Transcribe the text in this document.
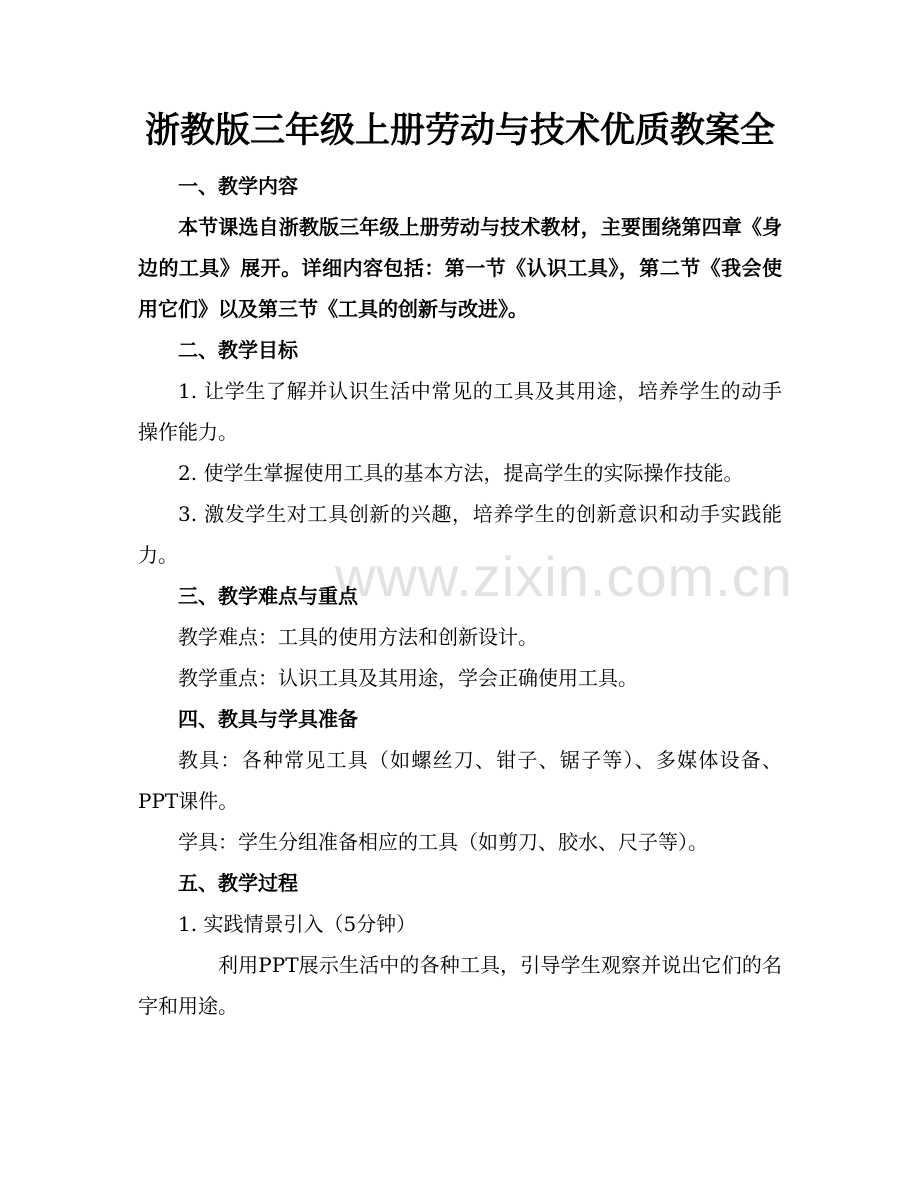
浙教版三年级上册劳动与技术优质教案全
www.zixin.com.cn

一、教学内容

本节课选自浙教版三年级上册劳动与技术教材，主要围绕第四章《身边的工具》展开。详细内容包括：第一节《认识工具》，第二节《我会使用它们》以及第三节《工具的创新与改进》。

二、教学目标

1. 让学生了解并认识生活中常见的工具及其用途，培养学生的动手操作能力。

2. 使学生掌握使用工具的基本方法，提高学生的实际操作技能。

3. 激发学生对工具创新的兴趣，培养学生的创新意识和动手实践能力。

三、教学难点与重点

教学难点：工具的使用方法和创新设计。

教学重点：认识工具及其用途，学会正确使用工具。

四、教具与学具准备

教具：各种常见工具（如螺丝刀、钳子、锯子等）、多媒体设备、PPT课件。

学具：学生分组准备相应的工具（如剪刀、胶水、尺子等）。

五、教学过程

1. 实践情景引入（5分钟）

利用PPT展示生活中的各种工具，引导学生观察并说出它们的名字和用途。
